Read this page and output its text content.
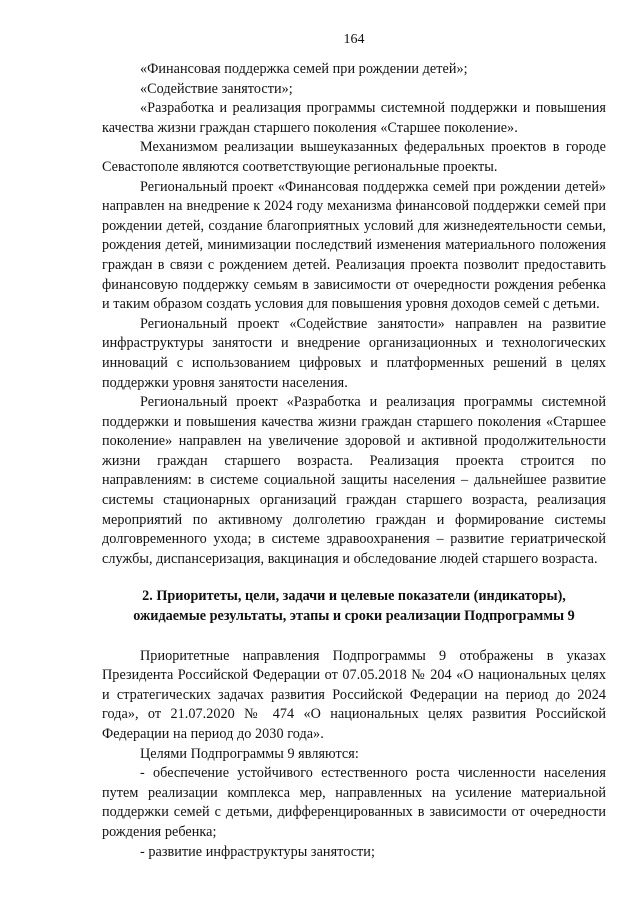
164

«Финансовая поддержка семей при рождении детей»;

«Содействие занятости»;

«Разработка и реализация программы системной поддержки и повышения качества жизни граждан старшего поколения «Старшее поколение».

Механизмом реализации вышеуказанных федеральных проектов в городе Севастополе являются соответствующие региональные проекты.

Региональный проект «Финансовая поддержка семей при рождении детей» направлен на внедрение к 2024 году механизма финансовой поддержки семей при рождении детей, создание благоприятных условий для жизнедеятельности семьи, рождения детей, минимизации последствий изменения материального положения граждан в связи с рождением детей. Реализация проекта позволит предоставить финансовую поддержку семьям в зависимости от очередности рождения ребенка и таким образом создать условия для повышения уровня доходов семей с детьми.

Региональный проект «Содействие занятости» направлен на развитие инфраструктуры занятости и внедрение организационных и технологических инноваций с использованием цифровых и платформенных решений в целях поддержки уровня занятости населения.

Региональный проект «Разработка и реализация программы системной поддержки и повышения качества жизни граждан старшего поколения «Старшее поколение» направлен на увеличение здоровой и активной продолжительности жизни граждан старшего возраста. Реализация проекта строится по направлениям: в системе социальной защиты населения – дальнейшее развитие системы стационарных организаций граждан старшего возраста, реализация мероприятий по активному долголетию граждан и формирование системы долговременного ухода; в системе здравоохранения – развитие гериатрической службы, диспансеризация, вакцинация и обследование людей старшего возраста.

2. Приоритеты, цели, задачи и целевые показатели (индикаторы),
ожидаемые результаты, этапы и сроки реализации Подпрограммы 9

Приоритетные направления Подпрограммы 9 отображены в указах Президента Российской Федерации от 07.05.2018 № 204 «О национальных целях и стратегических задачах развития Российской Федерации на период до 2024 года», от 21.07.2020 № 474 «О национальных целях развития Российской Федерации на период до 2030 года».

Целями Подпрограммы 9 являются:

- обеспечение устойчивого естественного роста численности населения путем реализации комплекса мер, направленных на усиление материальной поддержки семей с детьми, дифференцированных в зависимости от очередности рождения ребенка;

- развитие инфраструктуры занятости;
